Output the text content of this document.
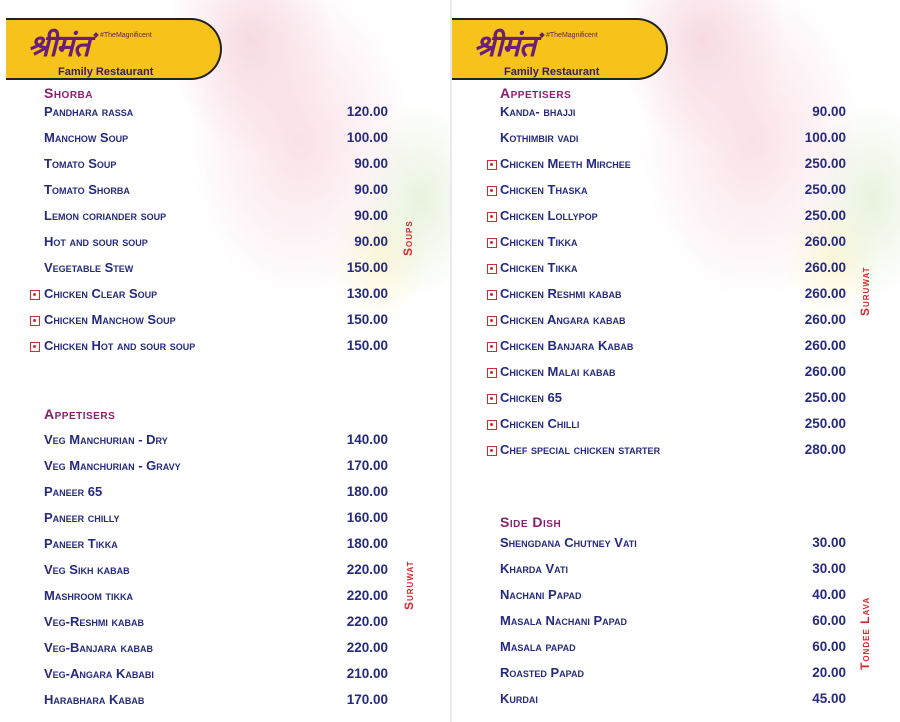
श्रीमंत	#TheMagnificent
Family Restaurant
Shorba
Pandhara rassa	120.00
Manchow Soup	100.00
Tomato Soup	90.00
Tomato Shorba	90.00
Lemon coriander soup	90.00
Hot and sour soup	90.00
Vegetable Stew	150.00
Chicken Clear Soup	130.00
Chicken Manchow Soup	150.00
Chicken Hot and sour soup	150.00
Appetisers
Veg Manchurian - Dry	140.00
Veg Manchurian - Gravy	170.00
Paneer 65	180.00
Paneer chilly	160.00
Paneer Tikka	180.00
Veg Sikh kabab	220.00
Mashroom tikka	220.00
Veg-Reshmi kabab	220.00
Veg-Banjara kabab	220.00
Veg-Angara Kababi	210.00
Harabhara Kabab	170.00
Soups
Suruwat
श्रीमंत	#TheMagnificent
Family Restaurant
Appetisers
Kanda- bhajji	90.00
Kothimbir vadi	100.00
Chicken Meeth Mirchee	250.00
Chicken Thaska	250.00
Chicken Lollypop	250.00
Chicken Tikka	260.00
Chicken Tikka	260.00
Chicken Reshmi kabab	260.00
Chicken Angara kabab	260.00
Chicken Banjara Kabab	260.00
Chicken Malai kabab	260.00
Chicken 65	250.00
Chicken Chilli	250.00
Chef special chicken starter	280.00
Side Dish
Shengdana Chutney Vati	30.00
Kharda Vati	30.00
Nachani Papad	40.00
Masala Nachani Papad	60.00
Masala papad	60.00
Roasted Papad	20.00
Kurdai	45.00
Suruwat
Tondee Lava
